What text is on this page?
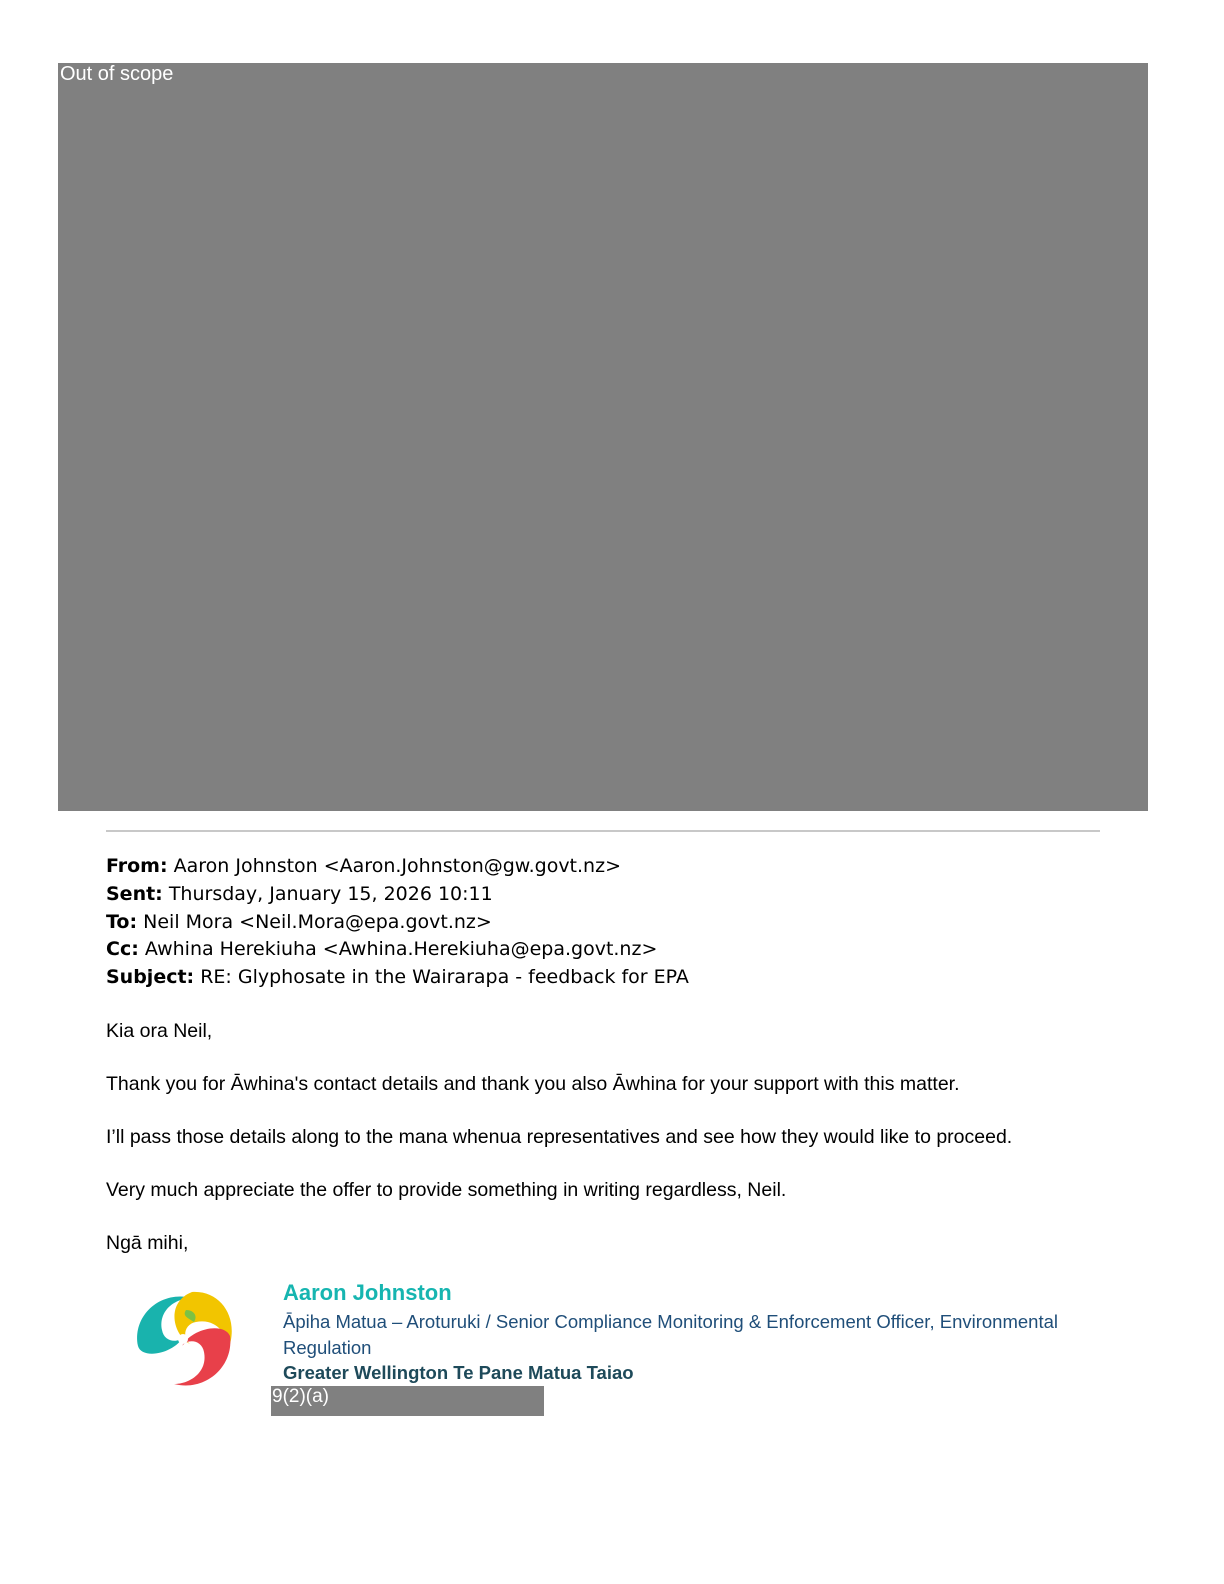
Out of scope
From: Aaron Johnston <Aaron.Johnston@gw.govt.nz>
Sent: Thursday, January 15, 2026 10:11
To: Neil Mora <Neil.Mora@epa.govt.nz>
Cc: Awhina Herekiuha <Awhina.Herekiuha@epa.govt.nz>
Subject: RE: Glyphosate in the Wairarapa - feedback for EPA
Kia ora Neil,
Thank you for Āwhina's contact details and thank you also Āwhina for your support with this matter.
I’ll pass those details along to the mana whenua representatives and see how they would like to proceed.
Very much appreciate the offer to provide something in writing regardless, Neil.
Ngā mihi,
Aaron Johnston
Āpiha Matua – Aroturuki / Senior Compliance Monitoring & Enforcement Officer, Environmental Regulation
Greater Wellington Te Pane Matua Taiao
9(2)(a)
